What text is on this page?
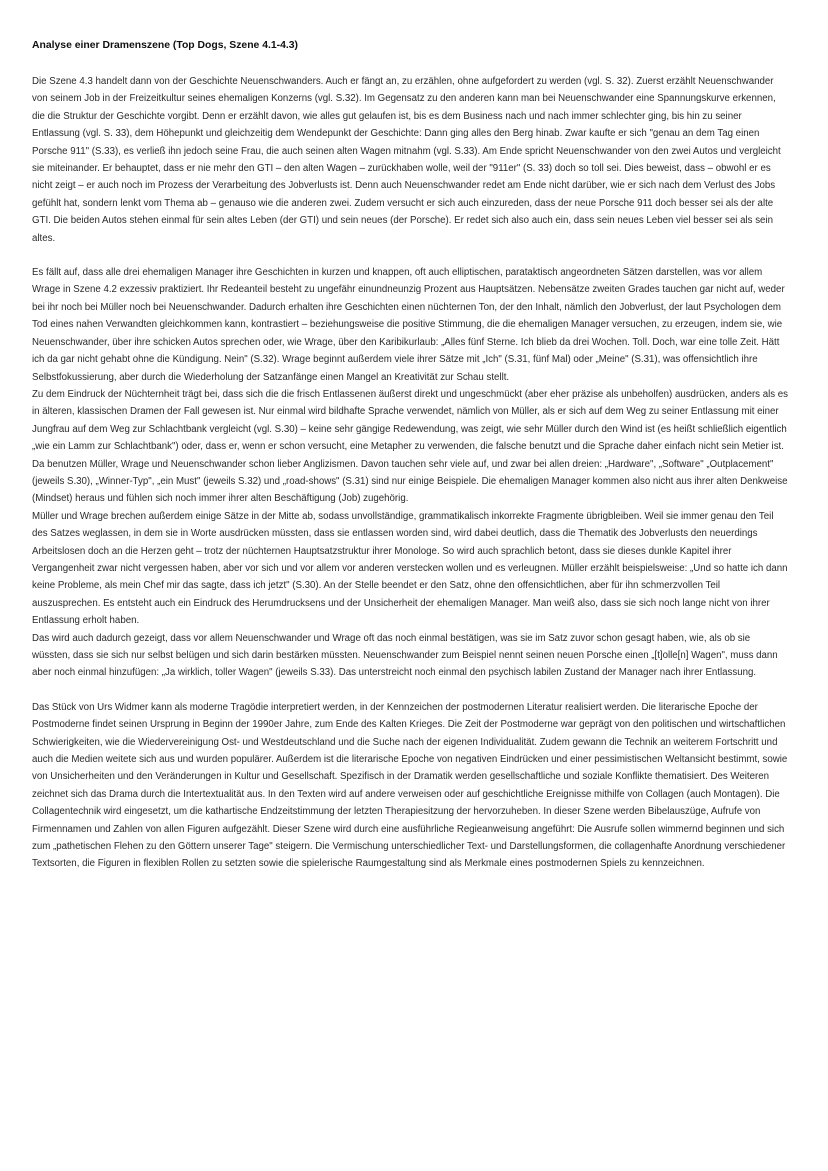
Analyse einer Dramenszene (Top Dogs, Szene 4.1-4.3)

Die Szene 4.3 handelt dann von der Geschichte Neuenschwanders. Auch er fängt an, zu erzählen, ohne aufgefordert zu werden (vgl. S. 32). Zuerst erzählt Neuenschwander von seinem Job in der Freizeitkultur seines ehemaligen Konzerns (vgl. S.32). Im Gegensatz zu den anderen kann man bei Neuenschwander eine Spannungskurve erkennen, die die Struktur der Geschichte vorgibt. Denn er erzählt davon, wie alles gut gelaufen ist, bis es dem Business nach und nach immer schlechter ging, bis hin zu seiner Entlassung (vgl. S. 33), dem Höhepunkt und gleichzeitig dem Wendepunkt der Geschichte: Dann ging alles den Berg hinab. Zwar kaufte er sich "genau an dem Tag einen Porsche 911" (S.33), es verließ ihn jedoch seine Frau, die auch seinen alten Wagen mitnahm (vgl. S.33). Am Ende spricht Neuenschwander von den zwei Autos und vergleicht sie miteinander. Er behauptet, dass er nie mehr den GTI – den alten Wagen – zurückhaben wolle, weil der "911er" (S. 33) doch so toll sei. Dies beweist, dass – obwohl er es  nicht zeigt – er auch noch im Prozess der Verarbeitung des Jobverlusts ist. Denn auch Neuenschwander redet am Ende nicht darüber, wie er sich nach dem Verlust des Jobs gefühlt hat, sondern lenkt vom Thema ab – genauso wie die anderen zwei. Zudem versucht er sich auch einzureden, dass der neue Porsche 911 doch besser sei als der alte GTI. Die beiden Autos stehen einmal für sein altes Leben (der GTI) und sein neues (der Porsche). Er redet sich also auch ein, dass sein neues Leben viel besser sei als sein altes.

Es fällt auf, dass alle drei ehemaligen Manager ihre Geschichten in kurzen und knappen, oft auch elliptischen, parataktisch angeordneten Sätzen darstellen, was vor allem Wrage in Szene 4.2 exzessiv praktiziert. Ihr Redeanteil besteht zu ungefähr einundneunzig Prozent aus Hauptsätzen. Nebensätze zweiten Grades tauchen gar nicht auf, weder bei ihr noch bei Müller noch bei Neuenschwander. Dadurch erhalten ihre Geschichten einen nüchternen Ton, der den Inhalt, nämlich den Jobverlust, der laut Psychologen dem Tod eines nahen Verwandten gleichkommen kann, kontrastiert – beziehungsweise die positive Stimmung, die die ehemaligen Manager versuchen, zu erzeugen, indem sie, wie Neuenschwander, über ihre schicken Autos sprechen oder, wie Wrage, über den Karibikurlaub: „Alles fünf Sterne. Ich blieb da drei Wochen. Toll. Doch, war eine tolle Zeit. Hätt ich da gar nicht gehabt ohne die Kündigung. Nein" (S.32). Wrage beginnt außerdem viele ihrer Sätze mit „Ich" (S.31, fünf Mal) oder „Meine" (S.31), was offensichtlich ihre Selbstfokussierung, aber durch die Wiederholung der Satzanfänge einen Mangel an Kreativität zur Schau stellt.

Zu dem Eindruck der Nüchternheit trägt bei, dass sich die die frisch Entlassenen äußerst direkt und ungeschmückt (aber eher präzise als unbeholfen) ausdrücken, anders als es in älteren, klassischen Dramen der Fall gewesen ist. Nur einmal wird bildhafte Sprache verwendet, nämlich von Müller, als er sich auf dem Weg zu seiner Entlassung mit einer Jungfrau auf dem Weg zur Schlachtbank vergleicht (vgl. S.30) – keine sehr gängige Redewendung, was zeigt, wie sehr Müller durch den Wind ist (es heißt schließlich eigentlich „wie ein Lamm zur Schlachtbank") oder, dass er, wenn er schon versucht, eine Metapher zu verwenden, die falsche benutzt und die Sprache daher einfach nicht sein Metier ist.

Da benutzen Müller, Wrage und Neuenschwander schon lieber Anglizismen. Davon tauchen sehr viele auf, und zwar bei allen dreien: „Hardware", „Software" „Outplacement" (jeweils S.30), „Winner-Typ", „ein Must" (jeweils S.32) und „road-shows" (S.31) sind nur einige Beispiele. Die ehemaligen Manager kommen also nicht aus ihrer alten Denkweise (Mindset) heraus und fühlen sich noch immer ihrer alten Beschäftigung (Job) zugehörig.

Müller und Wrage brechen außerdem einige Sätze in der Mitte ab, sodass unvollständige, grammatikalisch inkorrekte Fragmente übrigbleiben. Weil sie immer genau den Teil des Satzes weglassen, in dem sie in Worte ausdrücken müssten, dass sie entlassen worden sind, wird dabei deutlich, dass die Thematik des Jobverlusts den neuerdings Arbeitslosen doch an die Herzen geht – trotz der nüchternen Hauptsatzstruktur ihrer Monologe. So wird auch sprachlich betont, dass sie dieses dunkle Kapitel ihrer Vergangenheit zwar nicht vergessen haben, aber vor sich und vor allem vor anderen verstecken wollen und es verleugnen. Müller erzählt beispielsweise: „Und so hatte ich dann keine Probleme, als mein Chef mir das sagte, dass ich jetzt" (S.30). An der Stelle beendet er den Satz, ohne den offensichtlichen, aber für ihn schmerzvollen Teil auszusprechen. Es entsteht auch ein Eindruck des Herumdrucksens und der Unsicherheit der ehemaligen Manager. Man weiß also, dass sie sich noch lange nicht von ihrer Entlassung erholt haben.

Das wird auch dadurch gezeigt, dass vor allem Neuenschwander und Wrage oft das noch einmal bestätigen, was sie im Satz zuvor schon gesagt haben, wie, als ob sie wüssten, dass sie sich nur selbst belügen und sich darin bestärken müssten. Neuenschwander zum Beispiel nennt seinen neuen Porsche einen „[t]olle[n] Wagen", muss dann aber noch einmal hinzufügen: „Ja wirklich, toller Wagen" (jeweils S.33). Das unterstreicht noch einmal den psychisch labilen Zustand der Manager nach ihrer Entlassung.

Das Stück von Urs Widmer kann als moderne Tragödie interpretiert werden, in der Kennzeichen der postmodernen Literatur realisiert werden. Die literarische Epoche der Postmoderne findet seinen Ursprung in Beginn der 1990er Jahre, zum Ende des Kalten Krieges. Die Zeit der Postmoderne war geprägt von den politischen und wirtschaftlichen Schwierigkeiten, wie die Wiedervereinigung Ost- und Westdeutschland und die Suche nach der eigenen Individualität. Zudem gewann die Technik an weiterem Fortschritt und auch die Medien weitete sich aus und wurden populärer. Außerdem ist die literarische Epoche von negativen Eindrücken und einer pessimistischen Weltansicht bestimmt, sowie von Unsicherheiten und den Veränderungen in Kultur und Gesellschaft. Spezifisch in der Dramatik werden gesellschaftliche und soziale Konflikte thematisiert. Des Weiteren zeichnet sich das Drama durch die Intertextualität aus. In den Texten wird auf andere verweisen oder auf geschichtliche Ereignisse mithilfe von Collagen (auch Montagen). Die Collagentechnik wird eingesetzt, um die kathartische Endzeitstimmung der letzten Therapiesitzung der hervorzuheben. In dieser Szene werden Bibelauszüge, Aufrufe von Firmennamen und Zahlen von allen Figuren aufgezählt. Dieser Szene wird durch eine ausführliche Regieanweisung angeführt: Die Ausrufe sollen wimmernd beginnen und sich zum „pathetischen Flehen zu den Göttern unserer Tage" steigern. Die Vermischung unterschiedlicher Text- und Darstellungsformen, die collagenhafte Anordnung verschiedener Textsorten, die Figuren in flexiblen Rollen zu setzten sowie die spielerische Raumgestaltung sind als Merkmale eines postmodernen Spiels zu kennzeichnen.
